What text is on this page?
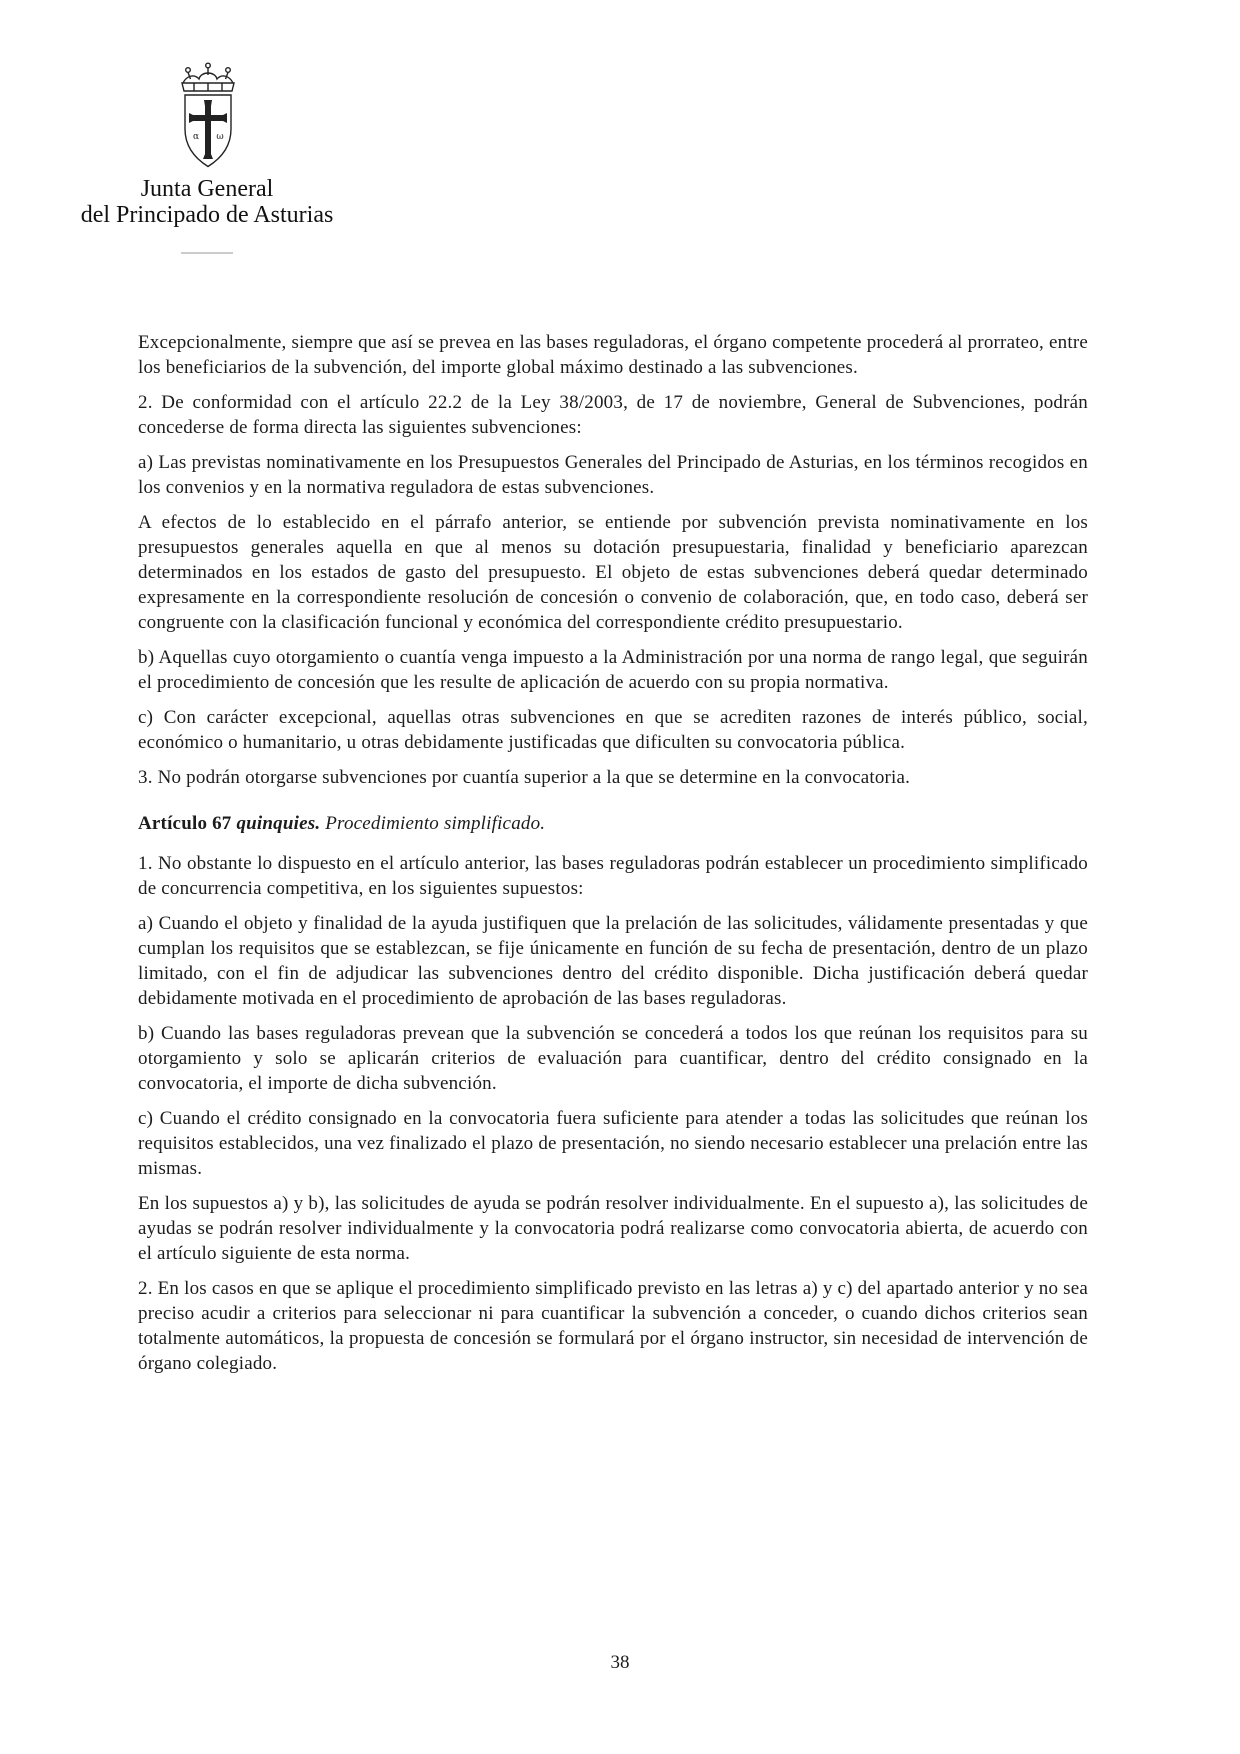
α ω
Junta General
del Principado de Asturias

Excepcionalmente, siempre que así se prevea en las bases reguladoras, el órgano competente procederá al prorrateo, entre los beneficiarios de la subvención, del importe global máximo destinado a las subvenciones.

2. De conformidad con el artículo 22.2 de la Ley 38/2003, de 17 de noviembre, General de Subvenciones, podrán concederse de forma directa las siguientes subvenciones:

a) Las previstas nominativamente en los Presupuestos Generales del Principado de Asturias, en los términos recogidos en los convenios y en la normativa reguladora de estas subvenciones.

A efectos de lo establecido en el párrafo anterior, se entiende por subvención prevista nominativamente en los presupuestos generales aquella en que al menos su dotación presupuestaria, finalidad y beneficiario aparezcan determinados en los estados de gasto del presupuesto. El objeto de estas subvenciones deberá quedar determinado expresamente en la correspondiente resolución de concesión o convenio de colaboración, que, en todo caso, deberá ser congruente con la clasificación funcional y económica del correspondiente crédito presupuestario.

b) Aquellas cuyo otorgamiento o cuantía venga impuesto a la Administración por una norma de rango legal, que seguirán el procedimiento de concesión que les resulte de aplicación de acuerdo con su propia normativa.

c) Con carácter excepcional, aquellas otras subvenciones en que se acrediten razones de interés público, social, económico o humanitario, u otras debidamente justificadas que dificulten su convocatoria pública.

3. No podrán otorgarse subvenciones por cuantía superior a la que se determine en la convocatoria.

Artículo 67 quinquies. Procedimiento simplificado.

1. No obstante lo dispuesto en el artículo anterior, las bases reguladoras podrán establecer un procedimiento simplificado de concurrencia competitiva, en los siguientes supuestos:

a) Cuando el objeto y finalidad de la ayuda justifiquen que la prelación de las solicitudes, válidamente presentadas y que cumplan los requisitos que se establezcan, se fije únicamente en función de su fecha de presentación, dentro de un plazo limitado, con el fin de adjudicar las subvenciones dentro del crédito disponible. Dicha justificación deberá quedar debidamente motivada en el procedimiento de aprobación de las bases reguladoras.

b) Cuando las bases reguladoras prevean que la subvención se concederá a todos los que reúnan los requisitos para su otorgamiento y solo se aplicarán criterios de evaluación para cuantificar, dentro del crédito consignado en la convocatoria, el importe de dicha subvención.

c) Cuando el crédito consignado en la convocatoria fuera suficiente para atender a todas las solicitudes que reúnan los requisitos establecidos, una vez finalizado el plazo de presentación, no siendo necesario establecer una prelación entre las mismas.

En los supuestos a) y b), las solicitudes de ayuda se podrán resolver individualmente. En el supuesto a), las solicitudes de ayudas se podrán resolver individualmente y la convocatoria podrá realizarse como convocatoria abierta, de acuerdo con el artículo siguiente de esta norma.

2. En los casos en que se aplique el procedimiento simplificado previsto en las letras a) y c) del apartado anterior y no sea preciso acudir a criterios para seleccionar ni para cuantificar la subvención a conceder, o cuando dichos criterios sean totalmente automáticos, la propuesta de concesión se formulará por el órgano instructor, sin necesidad de intervención de órgano colegiado.

38
